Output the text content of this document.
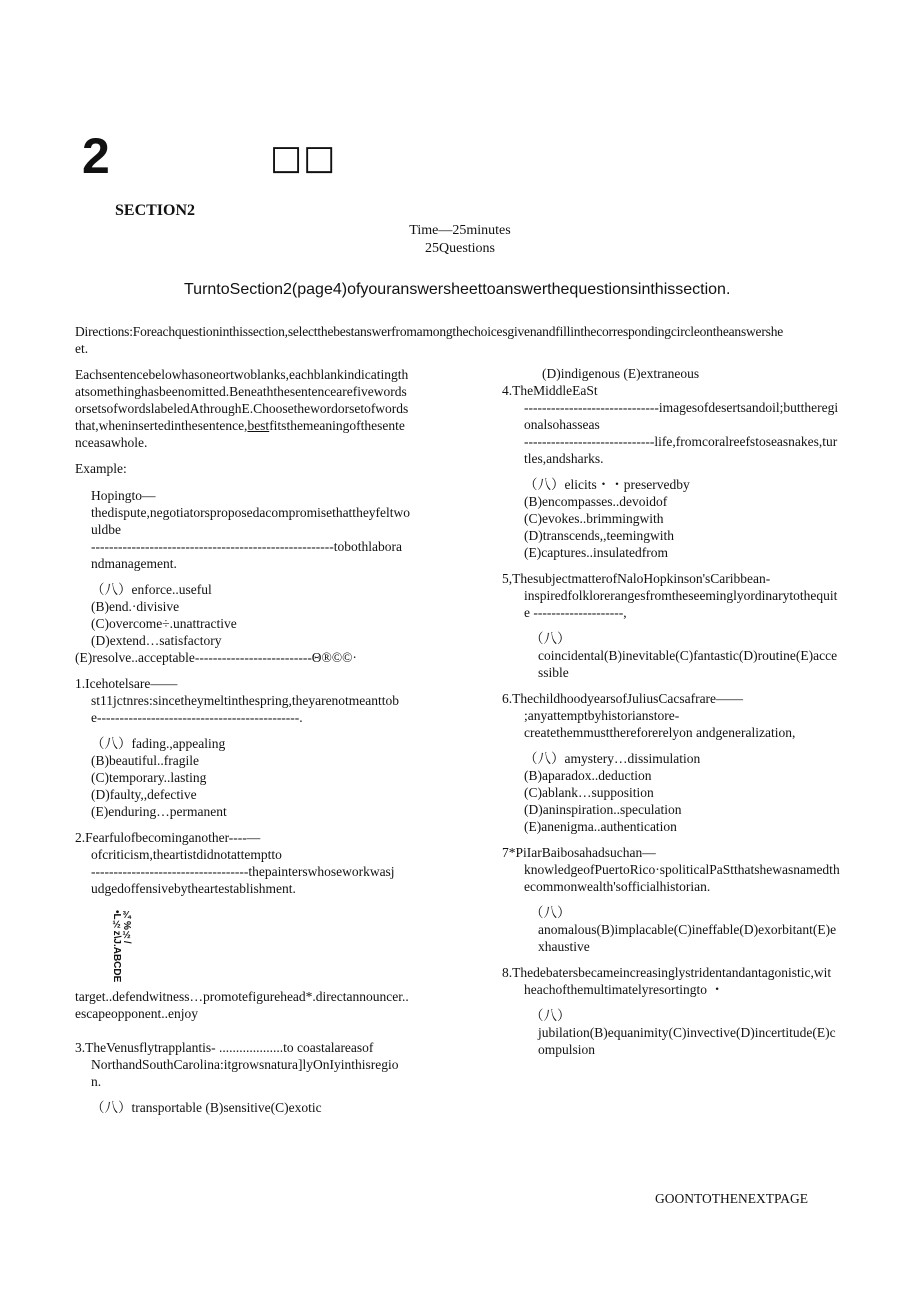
2	□□
SECTION2
Time—25minutes
25Questions
TurntoSection2(page4)ofyouranswersheettoanswerthequestionsinthissection.
Directions:Foreachquestioninthissection,selectthebestanswerfromamongthechoicesgivenandfillinthecorrespondingcircleontheanswershe
et.

Eachsentencebelowhasoneortwoblanks,eachblankindicatingth

atsomethinghasbeenomitted.Beneaththesentencearefivewords

orsetsofwordslabeledAthroughE.Choosethewordorsetofwords

that,wheninsertedinthesentence,bestfitsthemeaningofthesente

nceasawhole.

Example:

Hopingto—

thedispute,negotiatorsproposedacompromisethattheyfeltwo

uldbe

------------------------------------------------------tobothlabora

ndmanagement.

（八）enforce..useful

(B)end.·divisive

(C)overcome÷.unattractive

(D)extend…satisfactory

(E)resolve..acceptable--------------------------Θ®©©·

1.Icehotelsare——

st11jctnres:sincetheymeltinthespring,theyarenotmeanttob

e---------------------------------------------.

（八）fading.,appealing

(B)beautiful..fragile

(C)temporary..lasting

(D)faulty,,defective

(E)enduring…permanent

2.Fearfulofbecominganother----—

ofcriticism,theartistdidnotattemptto

-----------------------------------thepainterswhoseworkwasj

udgedoffensivebytheartestablishment.

¾%½/•L½z\J.ABCDE

target..defendwitness…promotefigurehead*.directannouncer..

escapeopponent..enjoy

3.TheVenusflytrapplantis- ...................to coastalareasof

NorthandSouthCarolina:itgrowsnatura]lyOnIyinthisregio

n.

（八）transportable (B)sensitive(C)exotic

(D)indigenous (E)extraneous

4.TheMiddleEaSt

------------------------------imagesofdesertsandoil;buttheregi

onalsohasseas

-----------------------------life,fromcoralreefstoseasnakes,tur

tles,andsharks.

（八）elicits・・preservedby

(B)encompasses..devoidof

(C)evokes..brimmingwith

(D)transcends,,teemingwith

(E)captures..insulatedfrom

5,ThesubjectmatterofNaloHopkinson'sCaribbean-

inspiredfolklorerangesfromtheseeminglyordinarytothequit

e --------------------,

（八）

coincidental(B)inevitable(C)fantastic(D)routine(E)acce

ssible

6.ThechildhoodyearsofJuliusCacsafrare——

;anyattemptbyhistorianstore-

createthemmustthereforerelyon andgeneralization,

（八）amystery…dissimulation

(B)aparadox..deduction

(C)ablank…supposition

(D)aninspiration..speculation

(E)anenigma..authentication

7*PiIarBaibosahadsuchan—

knowledgeofPuertoRico·spoliticalPaStthatshewasnamedth

ecommonwealth'sofficialhistorian.

（八）

anomalous(B)implacable(C)ineffable(D)exorbitant(E)e

xhaustive

8.Thedebatersbecameincreasinglystridentandantagonistic,wit

heachofthemultimatelyresortingto ・

（八）

jubilation(B)equanimity(C)invective(D)incertitude(E)c

ompulsion

GOONTOTHENEXTPAGE
